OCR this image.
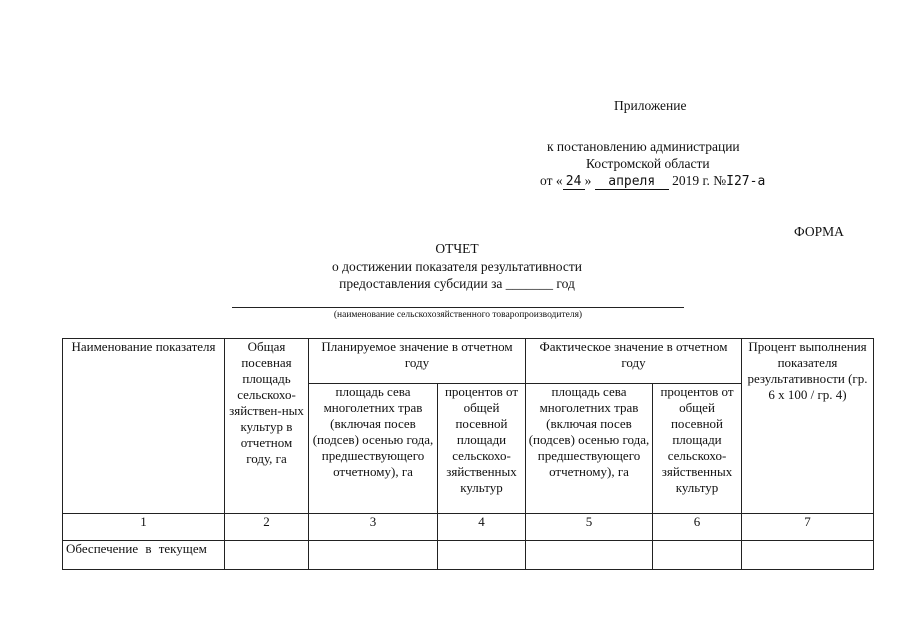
Приложение
к постановлению администрации
Костромской области
от « 24 » апреля 2019 г. №I27-а
ФОРМА
ОТЧЕТ
о достижении показателя результативности
предоставления субсидии за _______ год
(наименование сельскохозяйственного товаропроизводителя)
Наименование показателя	Общая посевная площадь сельскохо-зяйствен-ных культур в отчетном году, га	Планируемое значение в отчетном году		Фактическое значение в отчетном году		Процент выполнения показателя результативности (гр. 6 x 100 / гр. 4)
		площадь сева многолетних трав (включая посев (подсев) осенью года, предшествующего отчетному), га	процентов от общей посевной площади сельскохо-зяйственных культур	площадь сева многолетних трав (включая посев (подсев) осенью года, предшествующего отчетному), га	процентов от общей посевной площади сельскохо-зяйственных культур	
1	2	3	4	5	6	7
Обеспечение в текущем						
